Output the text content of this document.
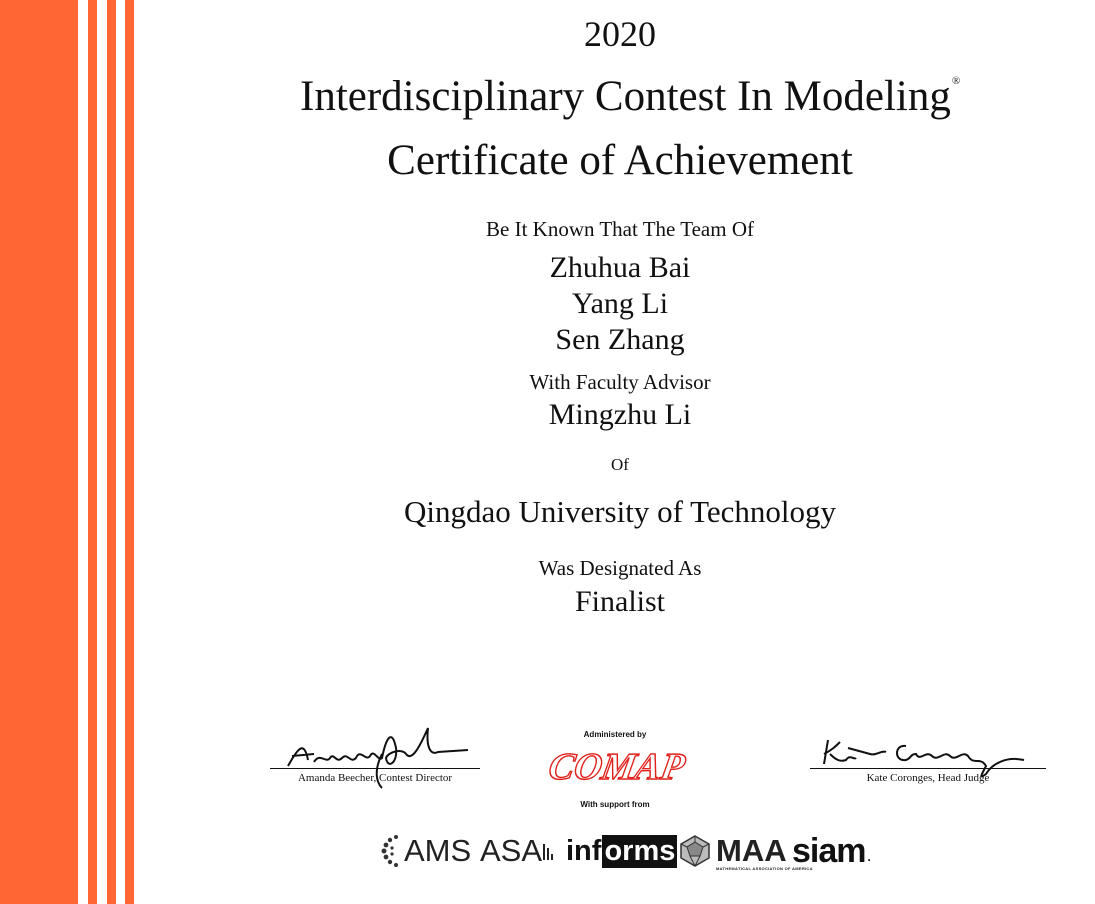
2020
Interdisciplinary Contest In Modeling®
Certificate of Achievement
Be It Known That The Team Of
Zhuhua Bai
Yang Li
Sen Zhang
With Faculty Advisor
Mingzhu Li
Of
Qingdao University of Technology
Was Designated As
Finalist
Amanda Beecher, Contest Director
Administered by
COMAP
With support from
Kate Coronges, Head Judge
AMS ASA inf orms MAA
MATHEMATICAL ASSOCIATION OF AMERICA
siam .
